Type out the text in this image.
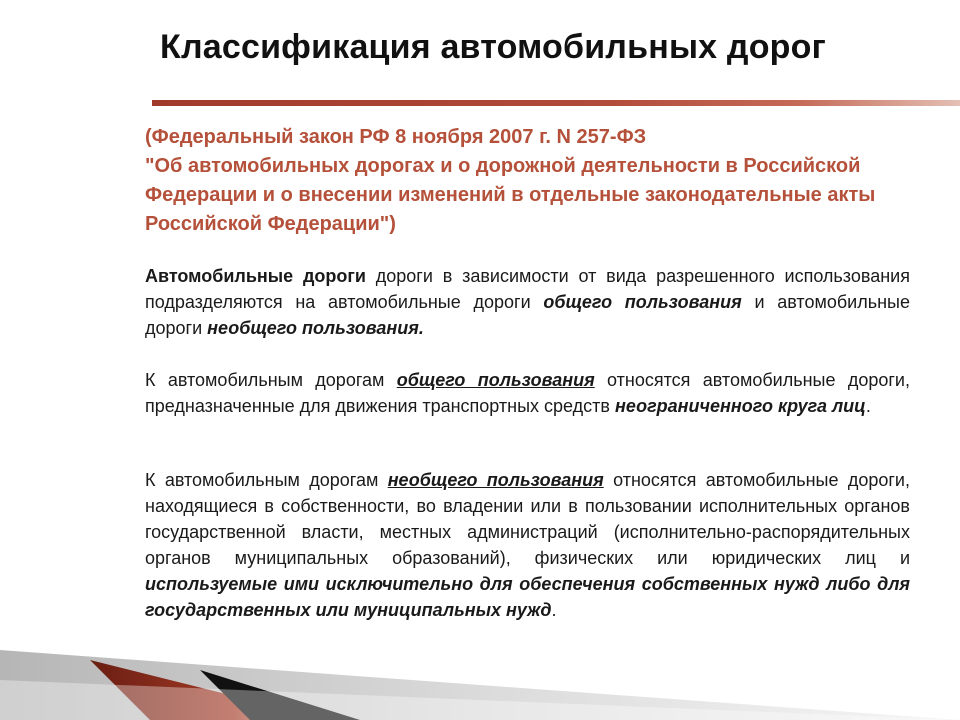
Классификация автомобильных дорог
(Федеральный закон РФ 8 ноября 2007 г. N 257-ФЗ
"Об автомобильных дорогах и о дорожной деятельности в Российской Федерации и о внесении изменений в отдельные законодательные акты Российской Федерации")
Автомобильные дороги дороги в зависимости от вида разрешенного использования подразделяются на автомобильные дороги общего пользования и автомобильные дороги необщего пользования.
К автомобильным дорогам общего пользования относятся автомобильные дороги, предназначенные для движения транспортных средств неограниченного круга лиц.
К автомобильным дорогам необщего пользования относятся автомобильные дороги, находящиеся в собственности, во владении или в пользовании исполнительных органов государственной власти, местных администраций (исполнительно-распорядительных органов муниципальных образований), физических или юридических лиц и используемые ими исключительно для обеспечения собственных нужд либо для государственных или муниципальных нужд.
